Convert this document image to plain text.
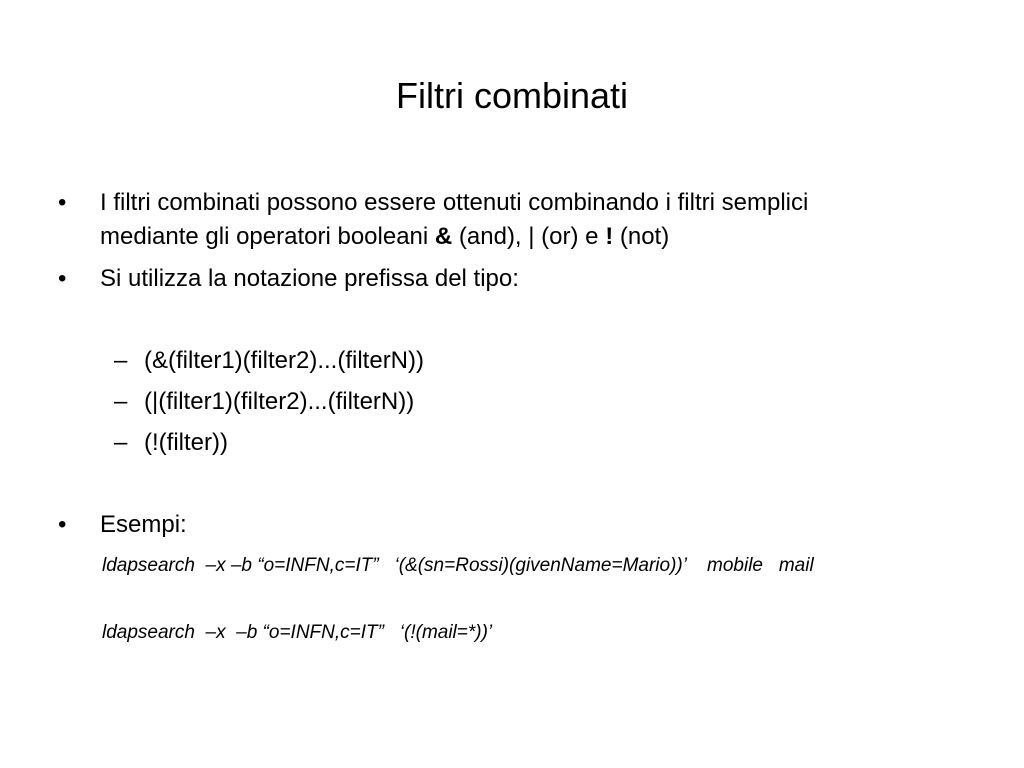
Filtri combinati
• I filtri combinati possono essere ottenuti combinando i filtri semplici
mediante gli operatori booleani & (and), | (or) e ! (not)
• Si utilizza la notazione prefissa del tipo:
– (&(filter1)(filter2)...(filterN))
– (|(filter1)(filter2)...(filterN))
– (!(filter))
• Esempi:
ldapsearch  –x –b “o=INFN,c=IT”   ‘(&(sn=Rossi)(givenName=Mario))’    mobile   mail
ldapsearch  –x  –b “o=INFN,c=IT”   ‘(!(mail=*))’
